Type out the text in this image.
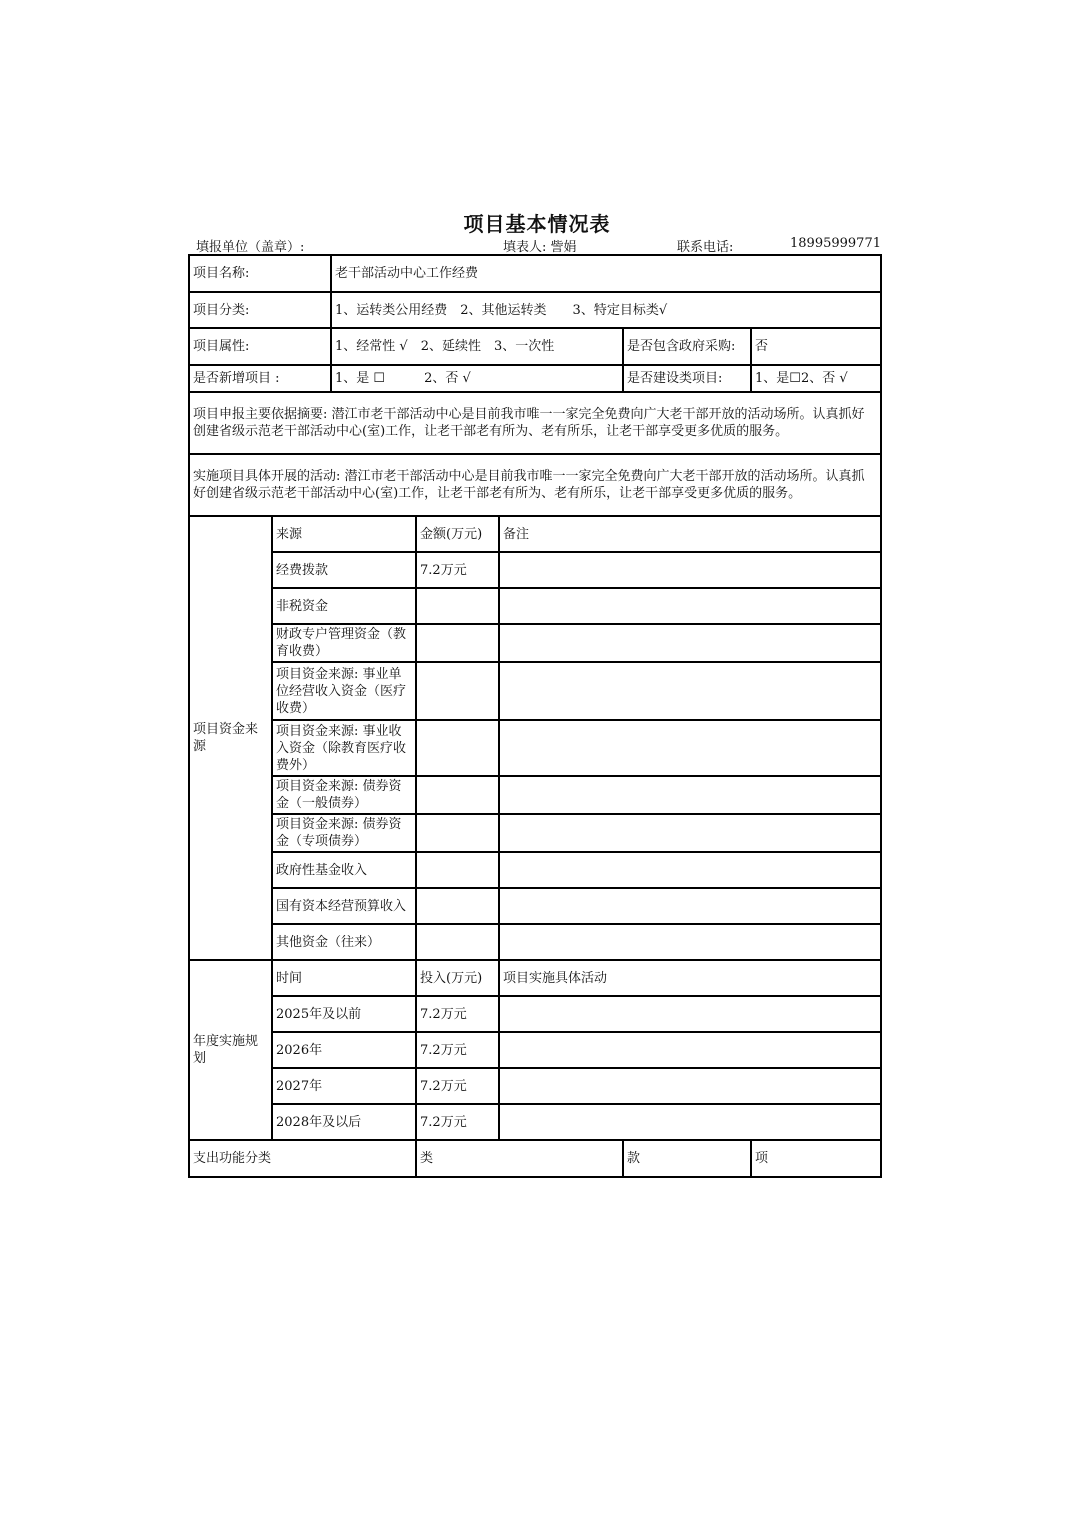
项目基本情况表
填报单位（盖章）:	填表人: 訾娟	联系电话:	18995999771
项目名称:		老干部活动中心工作经费				
项目分类:		1、运转类公用经费　2、其他运转类　　3、特定目标类√				
项目属性:		1、经常性 √　2、延续性　3、一次性			是否包含政府采购:	否
是否新增项目 :		1、是 ☐　　　2、否 √			是否建设类项目:	1、是☐2、否 √
项目申报主要依据摘要: 潜江市老干部活动中心是目前我市唯一一家完全免费向广大老干部开放的活动场所。认真抓好创建省级示范老干部活动中心(室)工作，让老干部老有所为、老有所乐，让老干部享受更多优质的服务。						
实施项目具体开展的活动: 潜江市老干部活动中心是目前我市唯一一家完全免费向广大老干部开放的活动场所。认真抓好创建省级示范老干部活动中心(室)工作，让老干部老有所为、老有所乐，让老干部享受更多优质的服务。						
项目资金来源	来源		金额(万元)	备注		
	经费拨款		7.2万元			
	非税资金					
	财政专户管理资金（教育收费）					
	项目资金来源: 事业单位经营收入资金（医疗收费）					
	项目资金来源: 事业收入资金（除教育医疗收费外）					
	项目资金来源: 债券资金（一般债券）					
	项目资金来源: 债券资金（专项债券）					
	政府性基金收入					
	国有资本经营预算收入					
	其他资金（往来）					
年度实施规划	时间		投入(万元)	项目实施具体活动		
	2025年及以前		7.2万元			
	2026年		7.2万元			
	2027年		7.2万元			
	2028年及以后		7.2万元			
支出功能分类			类		款	项
